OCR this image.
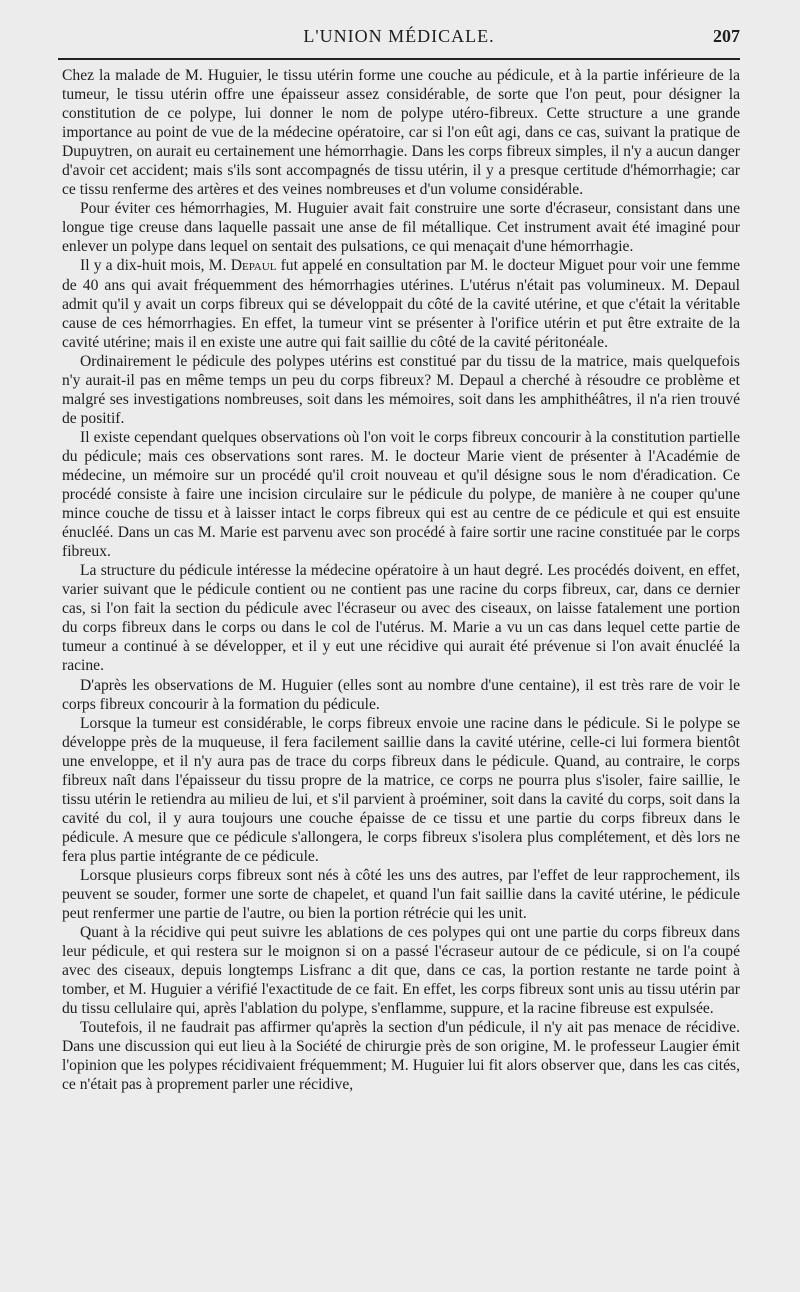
L'UNION MÉDICALE.	207

Chez la malade de M. Huguier, le tissu utérin forme une couche au pédicule, et à la partie inférieure de la tumeur, le tissu utérin offre une épaisseur assez considérable, de sorte que l'on peut, pour désigner la constitution de ce polype, lui donner le nom de polype utéro-fibreux. Cette structure a une grande importance au point de vue de la médecine opératoire, car si l'on eût agi, dans ce cas, suivant la pratique de Dupuytren, on aurait eu certainement une hémorrhagie. Dans les corps fibreux simples, il n'y a aucun danger d'avoir cet accident; mais s'ils sont accompagnés de tissu utérin, il y a presque certitude d'hémorrhagie; car ce tissu renferme des artères et des veines nombreuses et d'un volume considérable.

Pour éviter ces hémorrhagies, M. Huguier avait fait construire une sorte d'écraseur, consistant dans une longue tige creuse dans laquelle passait une anse de fil métallique. Cet instrument avait été imaginé pour enlever un polype dans lequel on sentait des pulsations, ce qui menaçait d'une hémorrhagie.

Il y a dix-huit mois, M. Depaul fut appelé en consultation par M. le docteur Miguet pour voir une femme de 40 ans qui avait fréquemment des hémorrhagies utérines. L'utérus n'était pas volumineux. M. Depaul admit qu'il y avait un corps fibreux qui se développait du côté de la cavité utérine, et que c'était la véritable cause de ces hémorrhagies. En effet, la tumeur vint se présenter à l'orifice utérin et put être extraite de la cavité utérine; mais il en existe une autre qui fait saillie du côté de la cavité péritonéale.

Ordinairement le pédicule des polypes utérins est constitué par du tissu de la matrice, mais quelquefois n'y aurait-il pas en même temps un peu du corps fibreux? M. Depaul a cherché à résoudre ce problème et malgré ses investigations nombreuses, soit dans les mémoires, soit dans les amphithéâtres, il n'a rien trouvé de positif.

Il existe cependant quelques observations où l'on voit le corps fibreux concourir à la constitution partielle du pédicule; mais ces observations sont rares. M. le docteur Marie vient de présenter à l'Académie de médecine, un mémoire sur un procédé qu'il croit nouveau et qu'il désigne sous le nom d'éradication. Ce procédé consiste à faire une incision circulaire sur le pédicule du polype, de manière à ne couper qu'une mince couche de tissu et à laisser intact le corps fibreux qui est au centre de ce pédicule et qui est ensuite énucléé. Dans un cas M. Marie est parvenu avec son procédé à faire sortir une racine constituée par le corps fibreux.

La structure du pédicule intéresse la médecine opératoire à un haut degré. Les procédés doivent, en effet, varier suivant que le pédicule contient ou ne contient pas une racine du corps fibreux, car, dans ce dernier cas, si l'on fait la section du pédicule avec l'écraseur ou avec des ciseaux, on laisse fatalement une portion du corps fibreux dans le corps ou dans le col de l'utérus. M. Marie a vu un cas dans lequel cette partie de tumeur a continué à se développer, et il y eut une récidive qui aurait été prévenue si l'on avait énucléé la racine.

D'après les observations de M. Huguier (elles sont au nombre d'une centaine), il est très rare de voir le corps fibreux concourir à la formation du pédicule.

Lorsque la tumeur est considérable, le corps fibreux envoie une racine dans le pédicule. Si le polype se développe près de la muqueuse, il fera facilement saillie dans la cavité utérine, celle-ci lui formera bientôt une enveloppe, et il n'y aura pas de trace du corps fibreux dans le pédicule. Quand, au contraire, le corps fibreux naît dans l'épaisseur du tissu propre de la matrice, ce corps ne pourra plus s'isoler, faire saillie, le tissu utérin le retiendra au milieu de lui, et s'il parvient à proéminer, soit dans la cavité du corps, soit dans la cavité du col, il y aura toujours une couche épaisse de ce tissu et une partie du corps fibreux dans le pédicule. A mesure que ce pédicule s'allongera, le corps fibreux s'isolera plus complétement, et dès lors ne fera plus partie intégrante de ce pédicule.

Lorsque plusieurs corps fibreux sont nés à côté les uns des autres, par l'effet de leur rapprochement, ils peuvent se souder, former une sorte de chapelet, et quand l'un fait saillie dans la cavité utérine, le pédicule peut renfermer une partie de l'autre, ou bien la portion rétrécie qui les unit.

Quant à la récidive qui peut suivre les ablations de ces polypes qui ont une partie du corps fibreux dans leur pédicule, et qui restera sur le moignon si on a passé l'écraseur autour de ce pédicule, si on l'a coupé avec des ciseaux, depuis longtemps Lisfranc a dit que, dans ce cas, la portion restante ne tarde point à tomber, et M. Huguier a vérifié l'exactitude de ce fait. En effet, les corps fibreux sont unis au tissu utérin par du tissu cellulaire qui, après l'ablation du polype, s'enflamme, suppure, et la racine fibreuse est expulsée.

Toutefois, il ne faudrait pas affirmer qu'après la section d'un pédicule, il n'y ait pas menace de récidive. Dans une discussion qui eut lieu à la Société de chirurgie près de son origine, M. le professeur Laugier émit l'opinion que les polypes récidivaient fréquemment; M. Huguier lui fit alors observer que, dans les cas cités, ce n'était pas à proprement parler une récidive,
